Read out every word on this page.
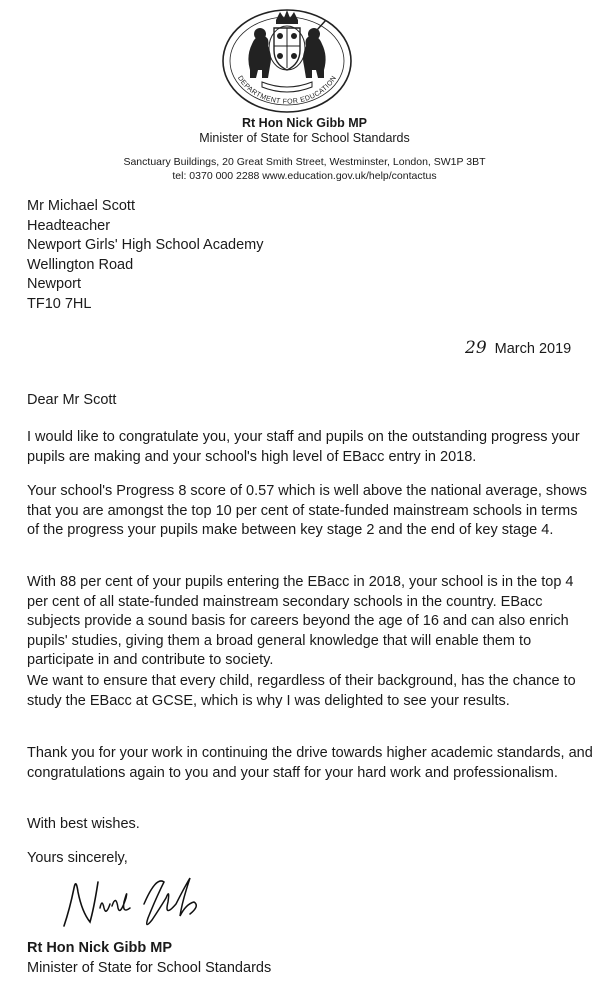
DEPARTMENT FOR EDUCATION
Rt Hon Nick Gibb MP
Minister of State for School Standards
Sanctuary Buildings, 20 Great Smith Street, Westminster, London, SW1P 3BT
tel: 0370 000 2288 www.education.gov.uk/help/contactus
Mr Michael Scott
Headteacher
Newport Girls' High School Academy
Wellington Road
Newport
TF10 7HL
29 March 2019

Dear Mr Scott

I would like to congratulate you, your staff and pupils on the outstanding progress your pupils are making and your school's high level of EBacc entry in 2018.

Your school's Progress 8 score of 0.57 which is well above the national average, shows that you are amongst the top 10 per cent of state-funded mainstream schools in terms of the progress your pupils make between key stage 2 and the end of key stage 4.

With 88 per cent of your pupils entering the EBacc in 2018, your school is in the top 4 per cent of all state-funded mainstream secondary schools in the country. EBacc subjects provide a sound basis for careers beyond the age of 16 and can also enrich pupils' studies, giving them a broad general knowledge that will enable them to participate in and contribute to society.

We want to ensure that every child, regardless of their background, has the chance to study the EBacc at GCSE, which is why I was delighted to see your results.

Thank you for your work in continuing the drive towards higher academic standards, and congratulations again to you and your staff for your hard work and professionalism.

With best wishes.

Yours sincerely,

Rt Hon Nick Gibb MP
Minister of State for School Standards
